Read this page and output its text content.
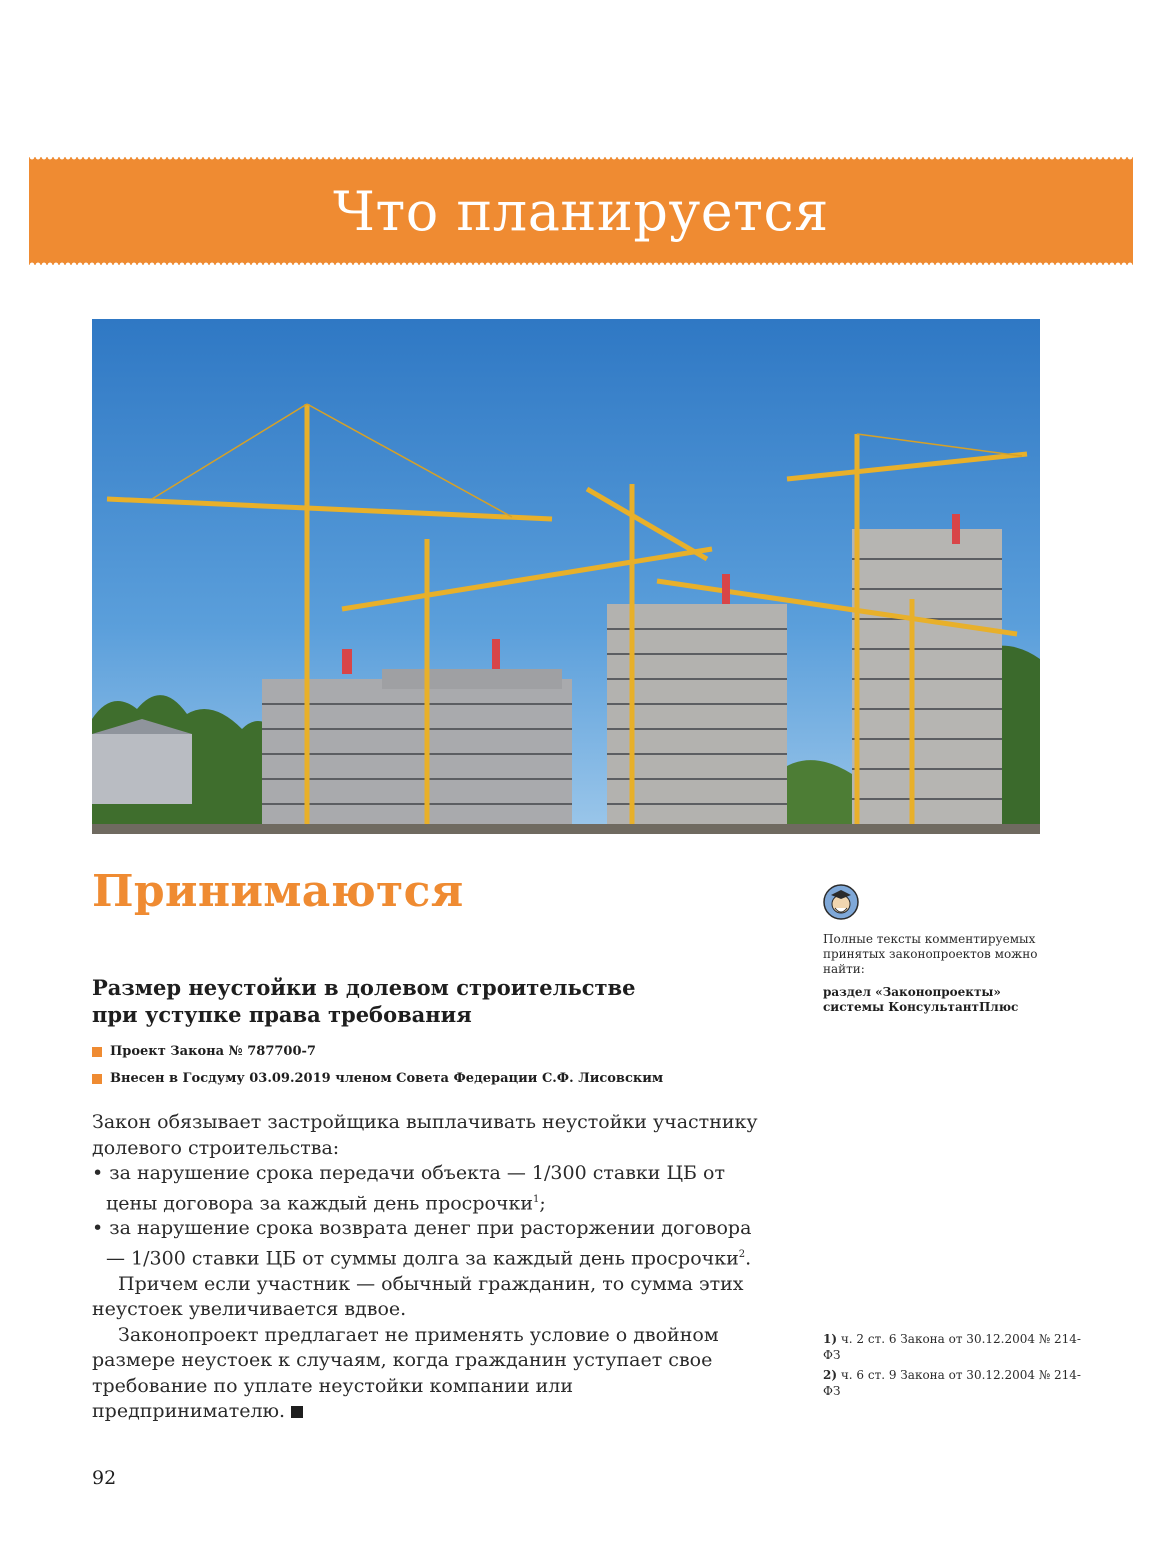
Что планируется
Принимаются
Размер неустойки в долевом строительстве
при уступке права требования
Проект Закона № 787700-7
Внесен в Госдуму 03.09.2019 членом Совета Федерации С.Ф. Лисовским

Закон обязывает застройщика выплачивать неустойки участнику долевого строительства:

• за нарушение срока передачи объекта — 1/300 ставки ЦБ от цены договора за каждый день просрочки$^1$;

• за нарушение срока возврата денег при расторжении договора — 1/300 ставки ЦБ от суммы долга за каждый день просрочки$^2$.

Причем если участник — обычный гражданин, то сумма этих неустоек увеличивается вдвое.

Законопроект предлагает не применять условие о двойном размере неустоек к случаям, когда гражданин уступает свое требование по уплате неустойки компании или предпринимателю.

Полные тексты комментируемых принятых законопроектов можно найти:
раздел «Законопроекты» системы КонсультантПлюс
1) ч. 2 ст. 6 Закона от 30.12.2004 № 214-ФЗ
2) ч. 6 ст. 9 Закона от 30.12.2004 № 214-ФЗ
92
